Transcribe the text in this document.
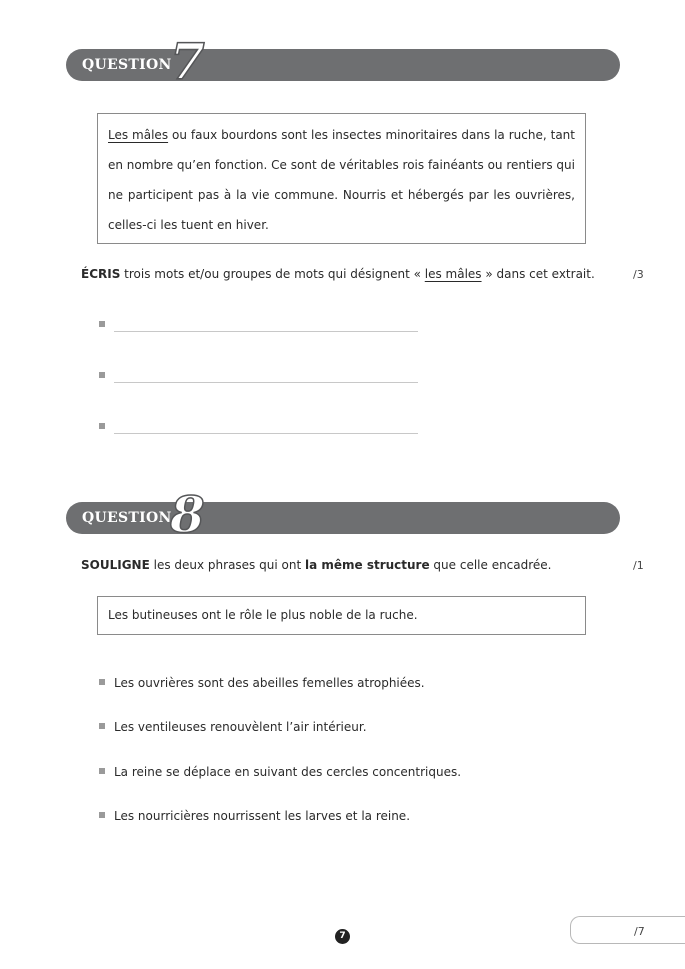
QUESTION
7

Les mâles ou faux bourdons sont les insectes minoritaires dans la ruche, tant en nombre qu’en fonction. Ce sont de véritables rois fainéants ou rentiers qui ne participent pas à la vie commune. Nourris et hébergés par les ouvrières, celles-ci les tuent en hiver.

ÉCRIS trois mots et/ou groupes de mots qui désignent « les mâles » dans cet extrait.	/3
QUESTION
8
SOULIGNE les deux phrases qui ont la même structure que celle encadrée.	/1
Les butineuses ont le rôle le plus noble de la ruche.
Les ouvrières sont des abeilles femelles atrophiées.
Les ventileuses renouvèlent l’air intérieur.
La reine se déplace en suivant des cercles concentriques.
Les nourricières nourrissent les larves et la reine.
7	/7
